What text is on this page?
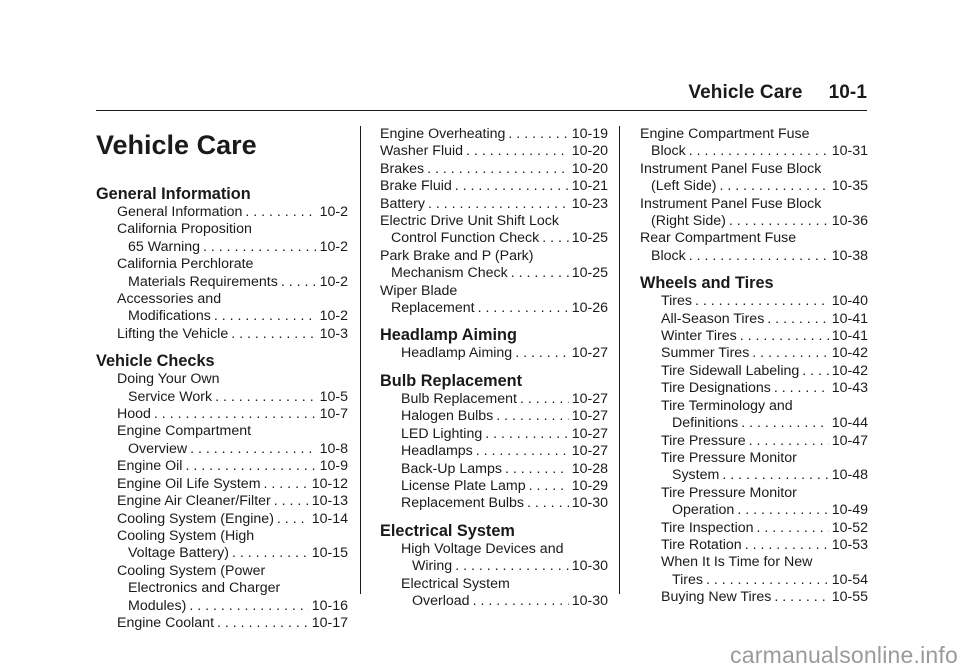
Vehicle Care 10-1
Vehicle Care
General Information
General Information . . .	10-2
California Proposition
65 Warning . . .	10-2
California Perchlorate
Materials Requirements . . .	10-2
Accessories and
Modifications . . .	10-2
Lifting the Vehicle . . .	10-3
Vehicle Checks
Doing Your Own
Service Work . . .	10-5
Hood . . .	10-7
Engine Compartment
Overview . . .	10-8
Engine Oil . . .	10-9
Engine Oil Life System . . .	10-12
Engine Air Cleaner/Filter . . .	10-13
Cooling System (Engine) . . .	10-14
Cooling System (High
Voltage Battery) . . .	10-15
Cooling System (Power
Electronics and Charger
Modules) . . .	10-16
Engine Coolant . . .	10-17
Engine Overheating . . .	10-19
Washer Fluid . . .	10-20
Brakes . . .	10-20
Brake Fluid . . .	10-21
Battery . . .	10-23
Electric Drive Unit Shift Lock
Control Function Check . . . 10-25
Park Brake and P (Park)
Mechanism Check . . .	10-25
Wiper Blade
Replacement . . .	10-26
Headlamp Aiming
Headlamp Aiming . . .	10-27
Bulb Replacement
Bulb Replacement . . .	10-27
Halogen Bulbs . . .	10-27
LED Lighting . . .	10-27
Headlamps . . .	10-27
Back-Up Lamps . . .	10-28
License Plate Lamp . . .	10-29
Replacement Bulbs . . .	10-30
Electrical System
High Voltage Devices and
Wiring . . .	10-30
Electrical System
Overload . . .	10-30
Engine Compartment Fuse
Block . . .	10-31
Instrument Panel Fuse Block
(Left Side) . . .	10-35
Instrument Panel Fuse Block
(Right Side) . . .	10-36
Rear Compartment Fuse
Block . . .	10-38
Wheels and Tires
Tires . . .	10-40
All-Season Tires . . .	10-41
Winter Tires . . .	10-41
Summer Tires . . .	10-42
Tire Sidewall Labeling . . . 10-42
Tire Designations . . .	10-43
Tire Terminology and
Definitions . . .	10-44
Tire Pressure . . .	10-47
Tire Pressure Monitor
System . . .	10-48
Tire Pressure Monitor
Operation . . .	10-49
Tire Inspection . . .	10-52
Tire Rotation . . .	10-53
When It Is Time for New
Tires . . .	10-54
Buying New Tires . . .	10-55
carmanualsonline.info
